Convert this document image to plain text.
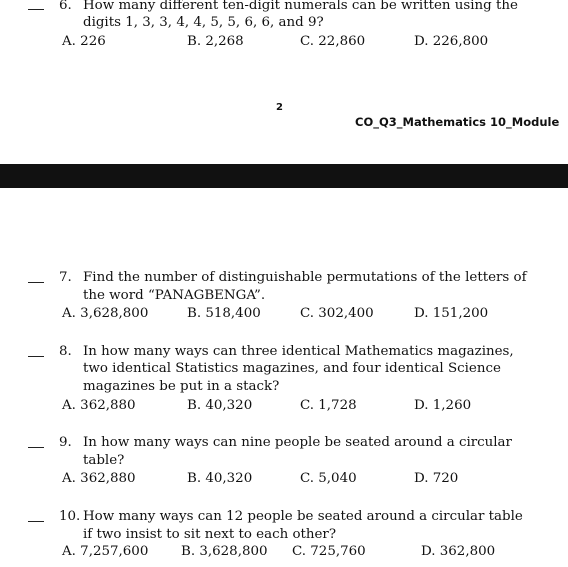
6. How many different ten-digit numerals can be written using the
digits 1, 3, 3, 4, 4, 5, 5, 6, 6, and 9?
A. 226	B. 2,268	C. 22,860	D. 226,800
2
CO_Q3_Mathematics 10_Module
7. Find the number of distinguishable permutations of the letters of
the word “PANAGBENGA”.
A. 3,628,800	B. 518,400	C. 302,400	D. 151,200
8. In how many ways can three identical Mathematics magazines,
two identical Statistics magazines, and four identical Science
magazines be put in a stack?
A. 362,880	B. 40,320	C. 1,728	D. 1,260
9. In how many ways can nine people be seated around a circular
table?
A. 362,880	B. 40,320	C. 5,040	D. 720
10. How many ways can 12 people be seated around a circular table
if two insist to sit next to each other?
A. 7,257,600 B. 3,628,800 C. 725,760	D. 362,800
